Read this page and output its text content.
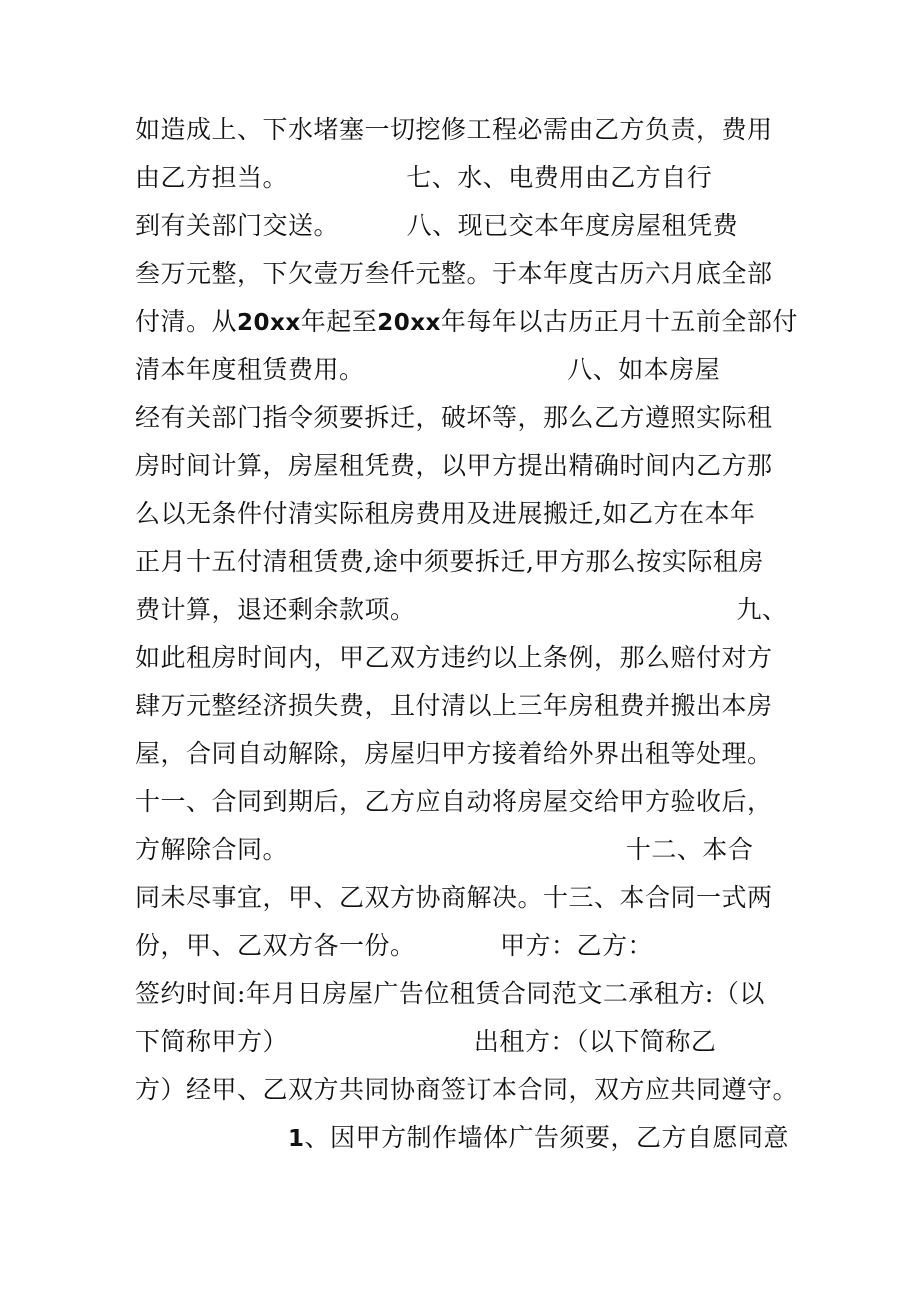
如造成上、下水堵塞一切挖修工程必需由乙方负责，费用
由乙方担当。              七、水、电费用由乙方自行
到有关部门交送。        八、现已交本年度房屋租凭费
叁万元整，下欠壹万叁仟元整。于本年度古历六月底全部
付清。从20xx年起至20xx年每年以古历正月十五前全部付
清本年度租赁费用。                        八、如本房屋
经有关部门指令须要拆迁，破坏等，那么乙方遵照实际租
房时间计算，房屋租凭费，以甲方提出精确时间内乙方那
么以无条件付清实际租房费用及进展搬迁,如乙方在本年
正月十五付清租赁费,途中须要拆迁,甲方那么按实际租房
费计算，退还剩余款项。                                      九、
如此租房时间内，甲乙双方违约以上条例，那么赔付对方
肆万元整经济损失费，且付清以上三年房租费并搬出本房
屋，合同自动解除，房屋归甲方接着给外界出租等处理。
十一、合同到期后，乙方应自动将房屋交给甲方验收后，
方解除合同。                                        十二、本合
同未尽事宜，甲、乙双方协商解决。十三、本合同一式两
份，甲、乙双方各一份。          甲方：乙方：
签约时间:年月日房屋广告位租赁合同范文二承租方:（以
下简称甲方）                      出租方：（以下简称乙
方）经甲、乙双方共同协商签订本合同，双方应共同遵守。
1、因甲方制作墙体广告须要，乙方自愿同意
